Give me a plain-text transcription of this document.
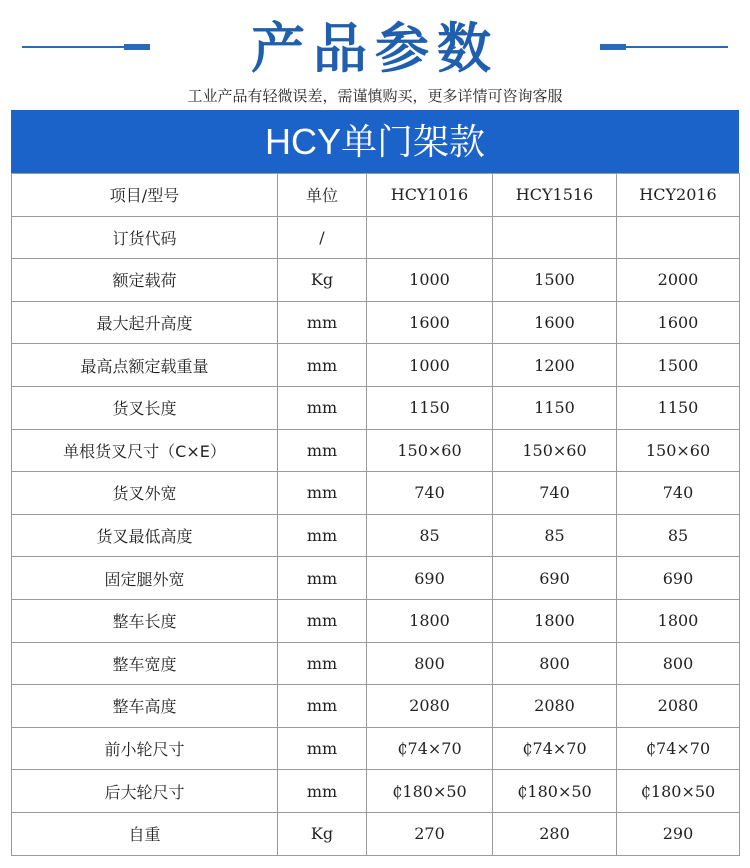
产品参数
工业产品有轻微误差，需谨慎购买，更多详情可咨询客服
HCY单门架款
项目/型号	单位	HCY1016	HCY1516	HCY2016
订货代码	/			
额定载荷	Kg	1000	1500	2000
最大起升高度	mm	1600	1600	1600
最高点额定载重量	mm	1000	1200	1500
货叉长度	mm	1150	1150	1150
单根货叉尺寸（C×E）	mm	150×60	150×60	150×60
货叉外宽	mm	740	740	740
货叉最低高度	mm	85	85	85
固定腿外宽	mm	690	690	690
整车长度	mm	1800	1800	1800
整车宽度	mm	800	800	800
整车高度	mm	2080	2080	2080
前小轮尺寸	mm	₵74×70	₵74×70	₵74×70
后大轮尺寸	mm	₵180×50	₵180×50	₵180×50
自重	Kg	270	280	290
